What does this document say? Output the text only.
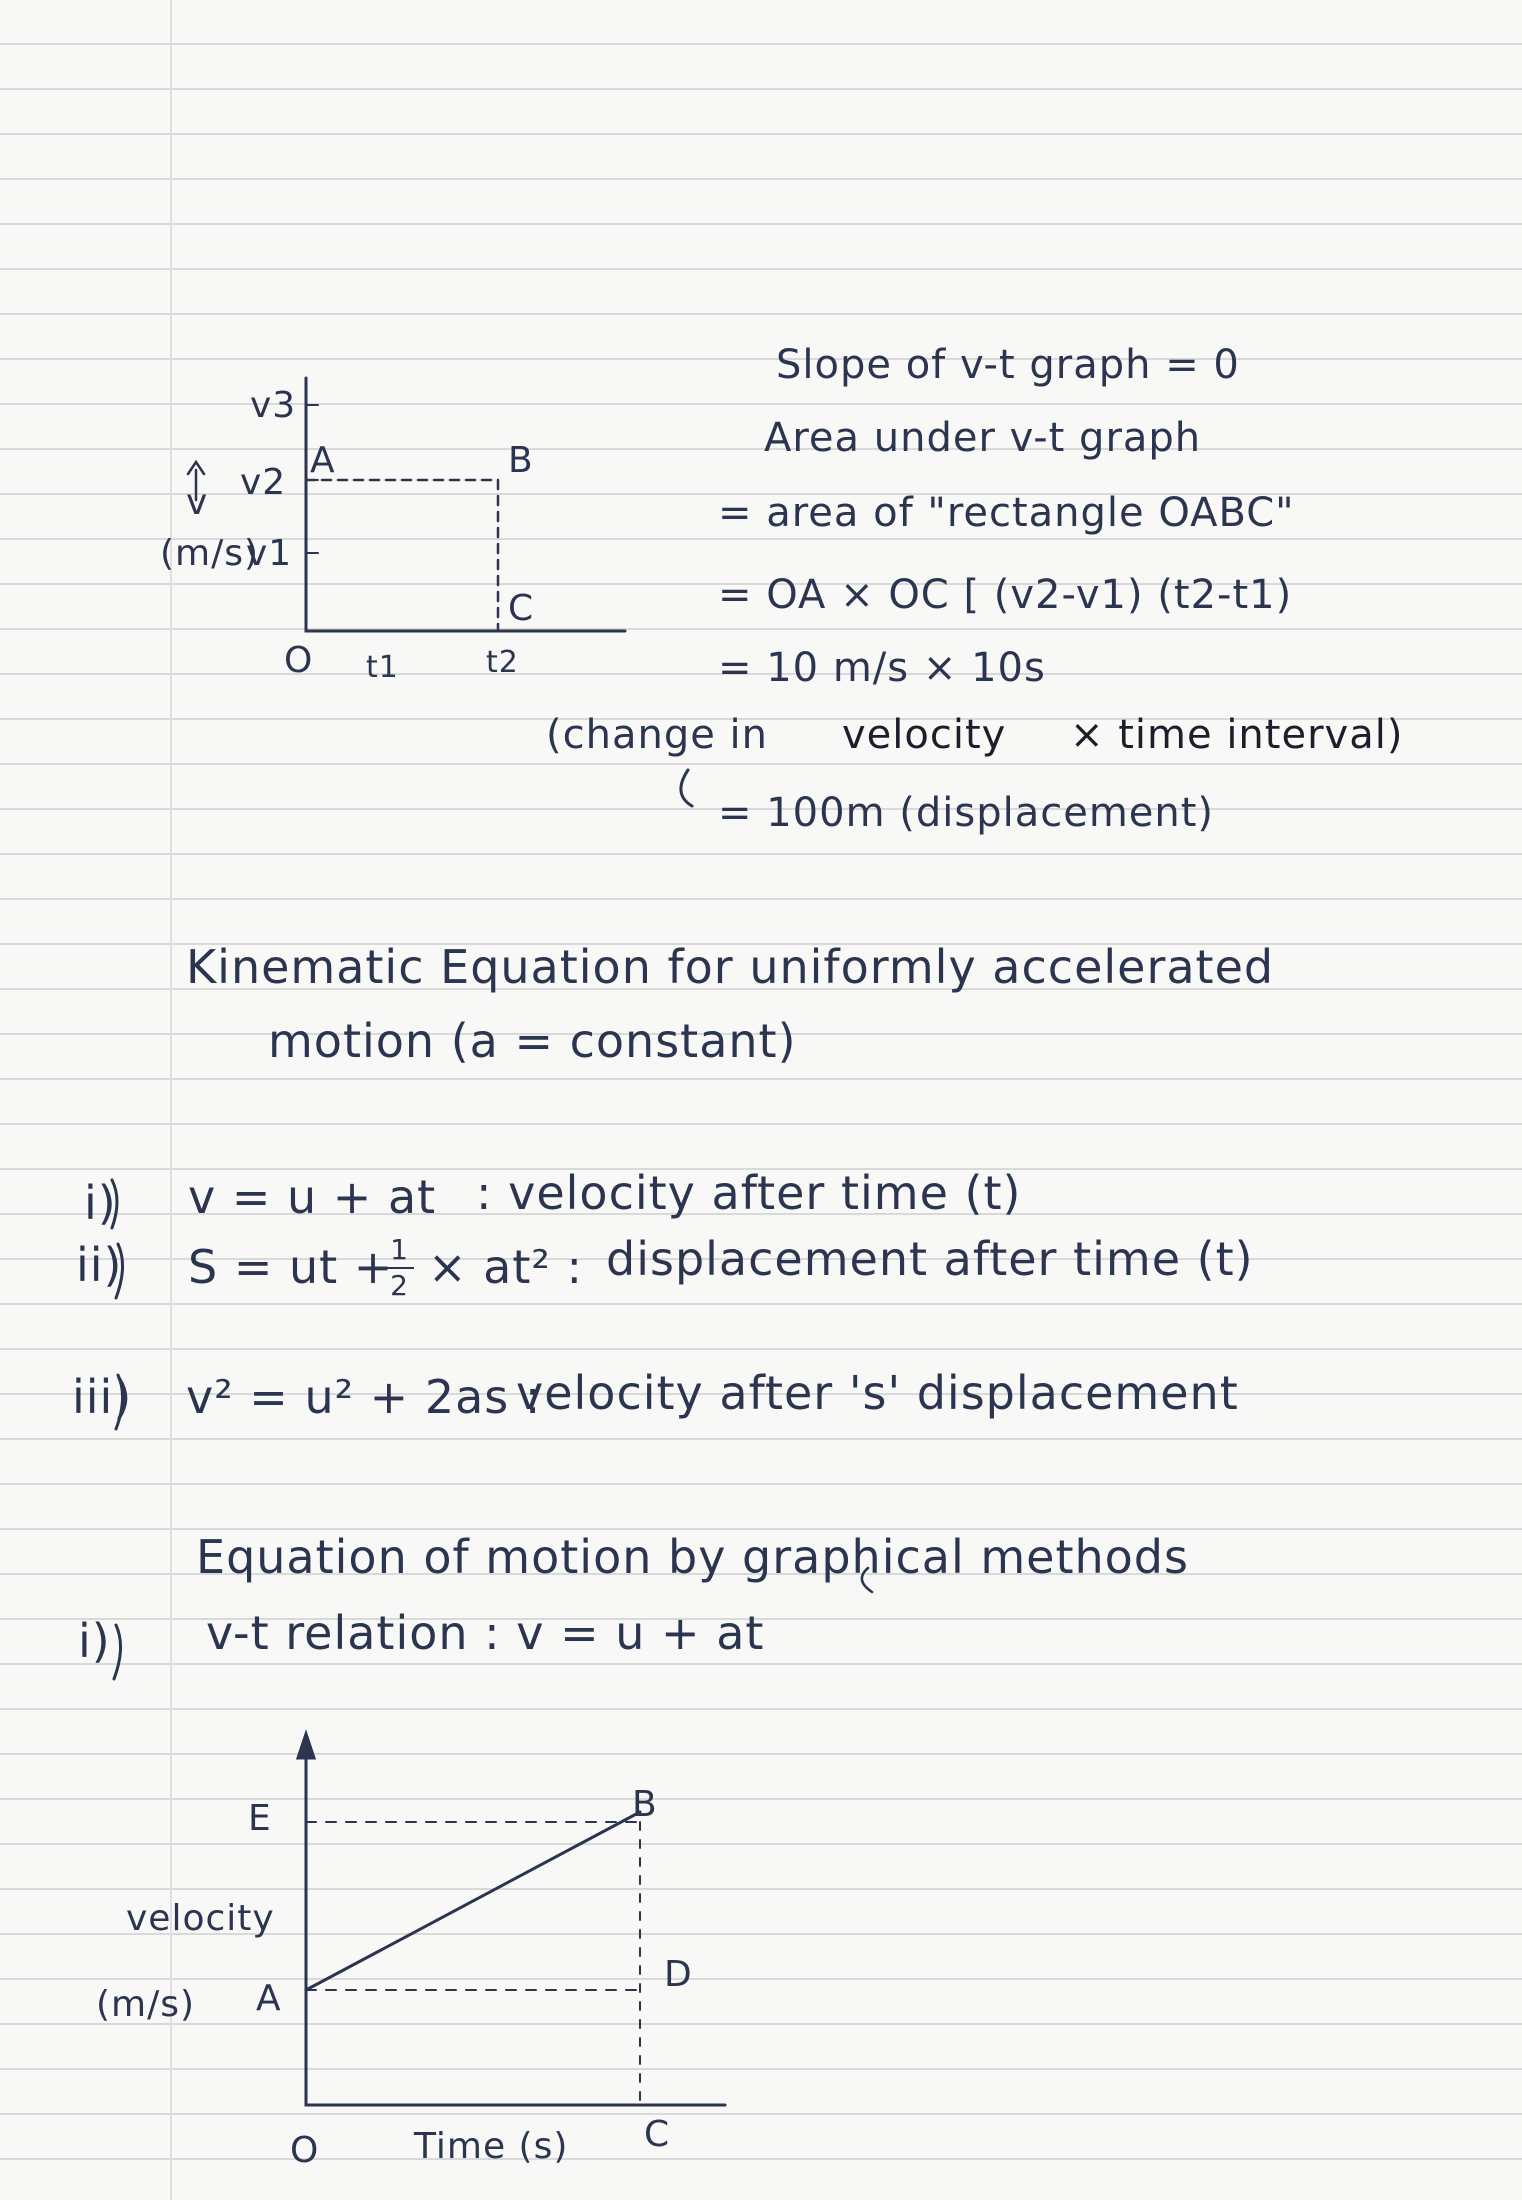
v3
v2
v1
v
(m/s)
A	B
C
O t1	t2
Slope of v-t graph = 0
Area under v-t graph
= area of "rectangle OABC"
= OA × OC [ (v2-v1) (t2-t1)
= 10 m/s × 10s
(change in velocity × time interval)
= 100m (displacement)
Kinematic Equation for uniformly accelerated
motion (a = constant)
i) v = u + at : velocity after time (t)
ii) S = ut +
1
2 × at² : displacement after time (t)
iii) v² = u² + 2as :
velocity after 's' displacement
Equation of motion by graphical methods
i) v-t relation : v = u + at
E	B
D
A
O	C
velocity
(m/s)
Time (s)
